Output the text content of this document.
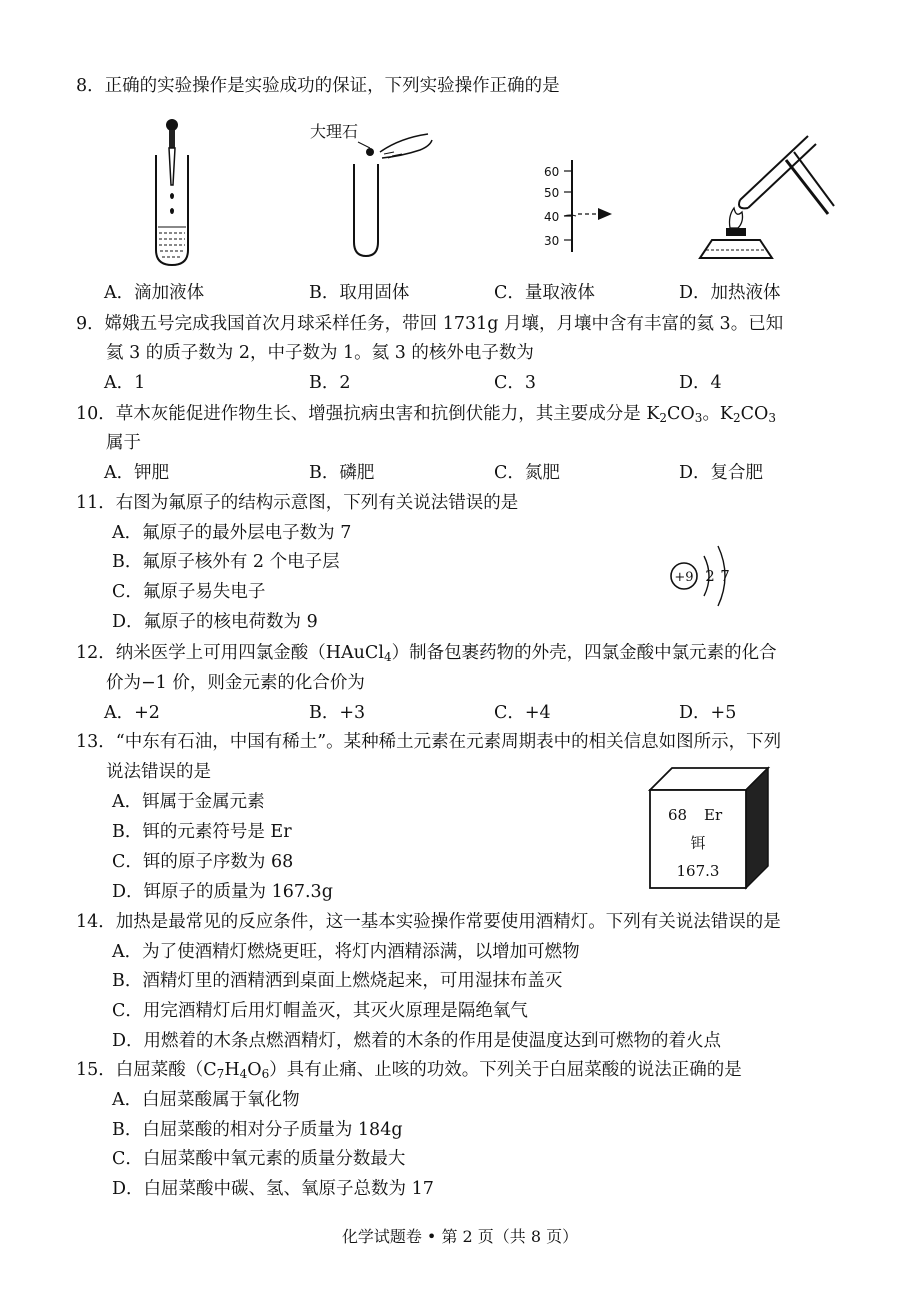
8．正确的实验操作是实验成功的保证，下列实验操作正确的是
大理石
60
50
40
30
A．滴加液体	B．取用固体	C．量取液体	D．加热液体
9．嫦娥五号完成我国首次月球采样任务，带回 1731g 月壤，月壤中含有丰富的氦 3。已知
氦 3 的质子数为 2，中子数为 1。氦 3 的核外电子数为
A．1	B．2	C．3	D．4
10．草木灰能促进作物生长、增强抗病虫害和抗倒伏能力，其主要成分是 $K_2CO_3$。$K_2CO_3$
属于
A．钾肥	B．磷肥	C．氮肥	D．复合肥
11．右图为氟原子的结构示意图，下列有关说法错误的是
A．氟原子的最外层电子数为 7
B．氟原子核外有 2 个电子层
C．氟原子易失电子
D．氟原子的核电荷数为 9
+9 2 7
12．纳米医学上可用四氯金酸（HAuCl$_4$）制备包裹药物的外壳，四氯金酸中氯元素的化合
价为−1 价，则金元素的化合价为
A．+2	B．+3	C．+4	D．+5
13．“中东有石油，中国有稀土”。某种稀土元素在元素周期表中的相关信息如图所示，下列
说法错误的是
A．铒属于金属元素
B．铒的元素符号是 Er
C．铒的原子序数为 68
D．铒原子的质量为 167.3g
68 Er
铒
167.3
14．加热是最常见的反应条件，这一基本实验操作常要使用酒精灯。下列有关说法错误的是
A．为了使酒精灯燃烧更旺，将灯内酒精添满，以增加可燃物
B．酒精灯里的酒精洒到桌面上燃烧起来，可用湿抹布盖灭
C．用完酒精灯后用灯帽盖灭，其灭火原理是隔绝氧气
D．用燃着的木条点燃酒精灯，燃着的木条的作用是使温度达到可燃物的着火点
15．白屈菜酸$(C_7H_4O_6)$具有止痛、止咳的功效。下列关于白屈菜酸的说法正确的是
A．白屈菜酸属于氧化物
B．白屈菜酸的相对分子质量为 184g
C．白屈菜酸中氧元素的质量分数最大
D．白屈菜酸中碳、氢、氧原子总数为 17
化学试题卷 • 第 2 页（共 8 页）
